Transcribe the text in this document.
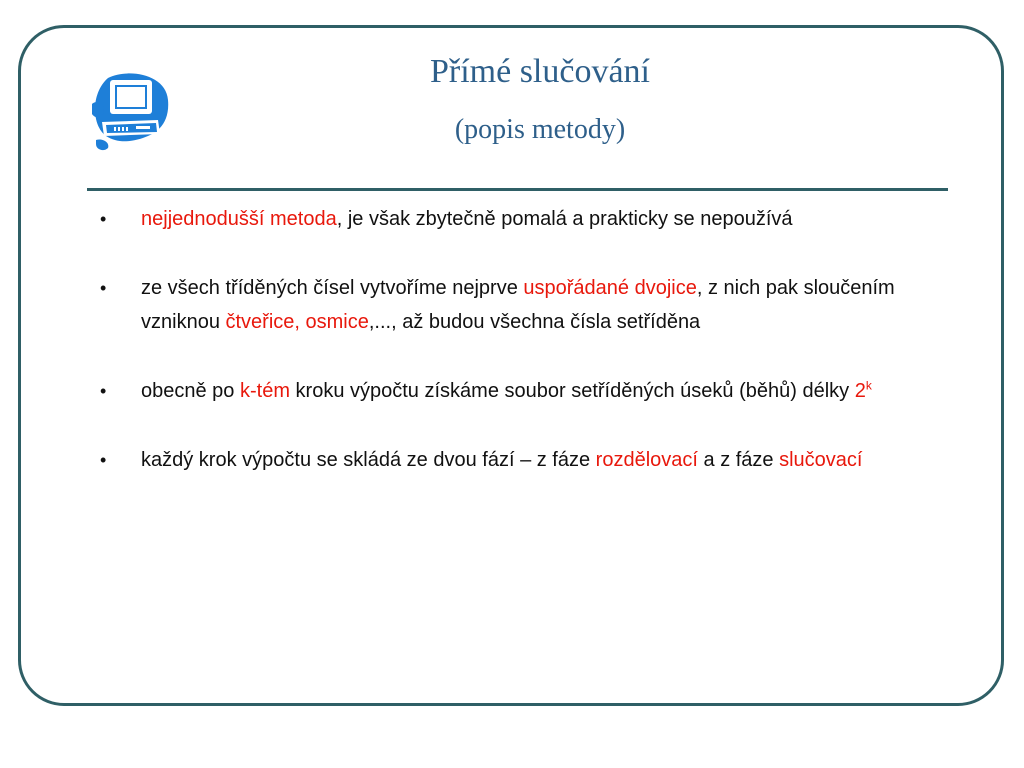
Přímé slučování
(popis metody)
• nejjednodušší metoda, je však zbytečně pomalá a prakticky se nepoužívá
• ze všech tříděných čísel vytvoříme nejprve uspořádané dvojice, z nich pak sloučením vzniknou čtveřice, osmice,..., až budou všechna čísla setříděna
• obecně po k-tém kroku výpočtu získáme soubor setříděných úseků (běhů) délky 2$^k$
• každý krok výpočtu se skládá ze dvou fází – z fáze rozdělovací a z fáze slučovací
